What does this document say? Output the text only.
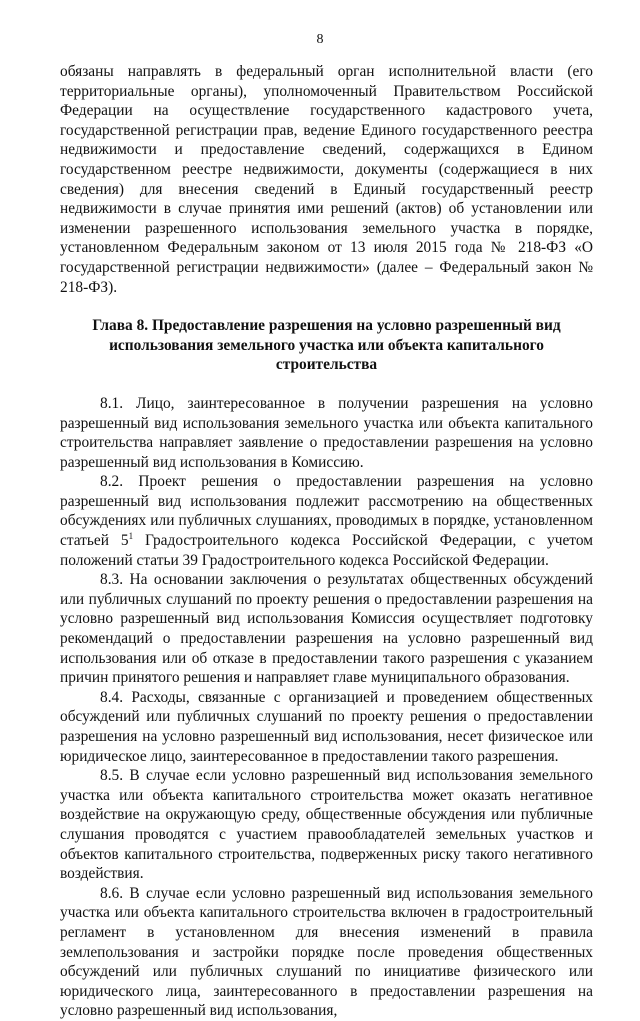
8

обязаны направлять в федеральный орган исполнительной власти (его территориальные органы), уполномоченный Правительством Российской Федерации на осуществление государственного кадастрового учета, государственной регистрации прав, ведение Единого государственного реестра недвижимости и предоставление сведений, содержащихся в Едином государственном реестре недвижимости, документы (содержащиеся в них сведения) для внесения сведений в Единый государственный реестр недвижимости в случае принятия ими решений (актов) об установлении или изменении разрешенного использования земельного участка в порядке, установленном Федеральным законом от 13 июля 2015 года № 218-ФЗ «О государственной регистрации недвижимости» (далее – Федеральный закон № 218-ФЗ).

Глава 8. Предоставление разрешения на условно разрешенный вид использования земельного участка или объекта капитального строительства

8.1. Лицо, заинтересованное в получении разрешения на условно разрешенный вид использования земельного участка или объекта капитального строительства направляет заявление о предоставлении разрешения на условно разрешенный вид использования в Комиссию.

8.2. Проект решения о предоставлении разрешения на условно разрешенный вид использования подлежит рассмотрению на общественных обсуждениях или публичных слушаниях, проводимых в порядке, установленном статьей $5^1$ Градостроительного кодекса Российской Федерации, с учетом положений статьи 39 Градостроительного кодекса Российской Федерации.

8.3. На основании заключения о результатах общественных обсуждений или публичных слушаний по проекту решения о предоставлении разрешения на условно разрешенный вид использования Комиссия осуществляет подготовку рекомендаций о предоставлении разрешения на условно разрешенный вид использования или об отказе в предоставлении такого разрешения с указанием причин принятого решения и направляет главе муниципального образования.

8.4. Расходы, связанные с организацией и проведением общественных обсуждений или публичных слушаний по проекту решения о предоставлении разрешения на условно разрешенный вид использования, несет физическое или юридическое лицо, заинтересованное в предоставлении такого разрешения.

8.5. В случае если условно разрешенный вид использования земельного участка или объекта капитального строительства может оказать негативное воздействие на окружающую среду, общественные обсуждения или публичные слушания проводятся с участием правообладателей земельных участков и объектов капитального строительства, подверженных риску такого негативного воздействия.

8.6. В случае если условно разрешенный вид использования земельного участка или объекта капитального строительства включен в градостроительный регламент в установленном для внесения изменений в правила землепользования и застройки порядке после проведения общественных обсуждений или публичных слушаний по инициативе физического или юридического лица, заинтересованного в предоставлении разрешения на условно разрешенный вид использования,
